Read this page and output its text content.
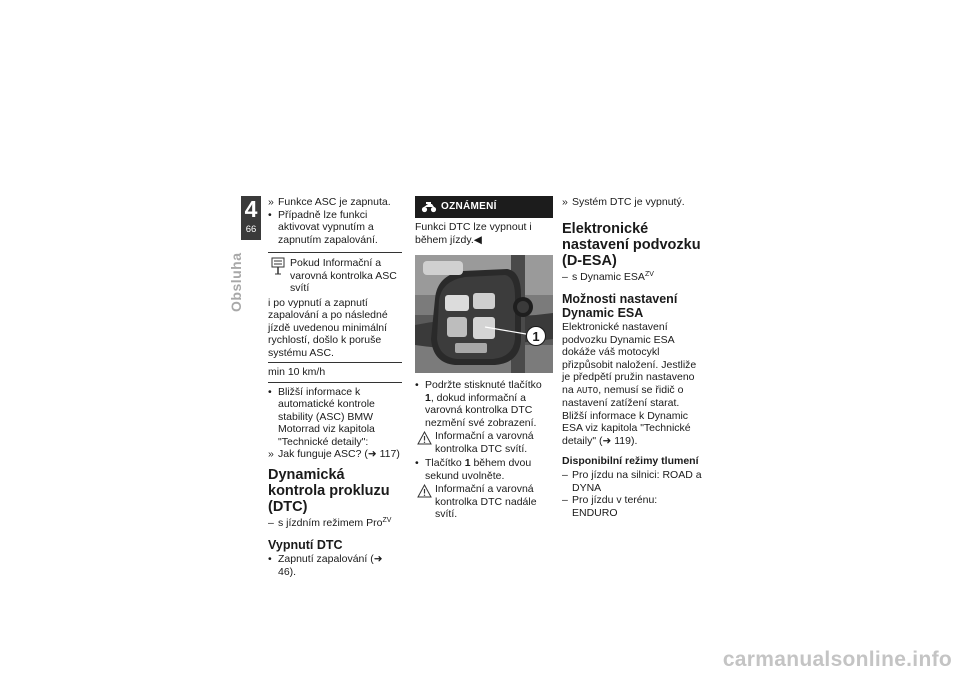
4
66
Obsluha
» Funkce ASC je zapnuta.
• Případně lze funkci aktivovat vypnutím a zapnutím zapalování.
Pokud Informační a varovná kontrolka ASC svítí
i po vypnutí a zapnutí zapalování a po následné jízdě uvedenou minimální rychlostí, došlo k poruše systému ASC.
min 10 km/h
• Bližší informace k automatické kontrole stability (ASC) BMW Motorrad viz kapitola "Technické detaily":
» Jak funguje ASC? (➜ 117)
Dynamická kontrola prokluzu (DTC)
– s jízdním režimem Pro$^{ZV}$
Vypnutí DTC
• Zapnutí zapalování (➜ 46).
OZNÁMENÍ
Funkci DTC lze vypnout i během jízdy.◀
1
• Podržte stisknuté tlačítko 1, dokud informační a varovná kontrolka DTC nezmění své zobrazení.
Informační a varovná kontrolka DTC svítí.
• Tlačítko 1 během dvou sekund uvolněte.
Informační a varovná kontrolka DTC nadále svítí.
» Systém DTC je vypnutý.
Elektronické nastavení podvozku (D-ESA)
– s Dynamic $ESA^{ZV}$
Možnosti nastavení Dynamic ESA
Elektronické nastavení podvozku Dynamic ESA dokáže váš motocykl přizpůsobit naložení. Jestliže je předpětí pružin nastaveno na AUTO, nemusí se řidič o nastavení zatížení starat.
Bližší informace k Dynamic ESA viz kapitola "Technické detaily" (➜ 119).
Disponibilní režimy tlumení
– Pro jízdu na silnici: ROAD a DYNA
– Pro jízdu v terénu: ENDURO
carmanualsonline.info
